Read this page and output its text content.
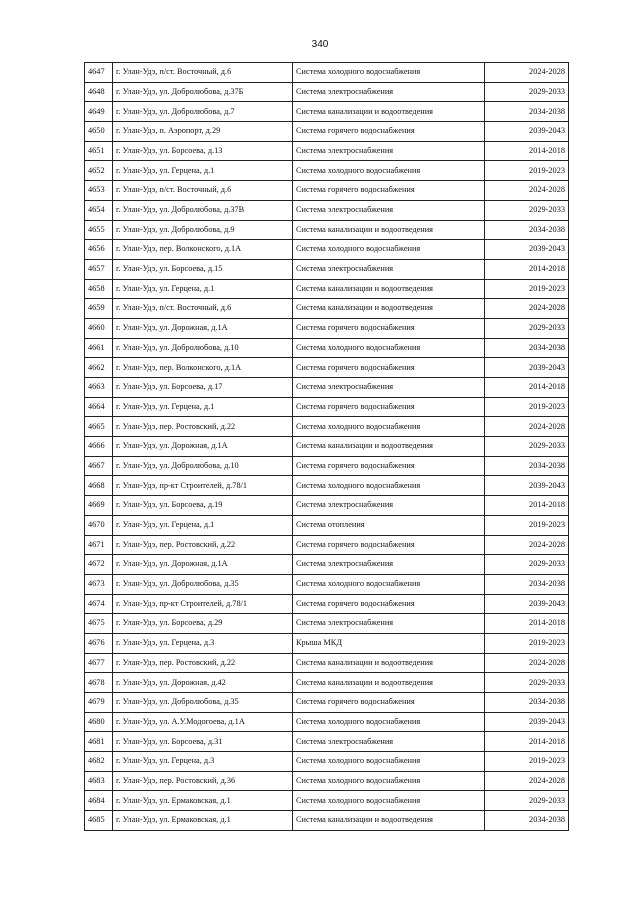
340
4647	г. Улан-Удэ, п/ст. Восточный, д.6	Система холодного водоснабжения	2024-2028
4648	г. Улан-Удэ, ул. Добролюбова, д.37Б	Система электроснабжения	2029-2033
4649	г. Улан-Удэ, ул. Добролюбова, д.7	Система канализации и водоотведения	2034-2038
4650	г. Улан-Удэ, п. Аэропорт, д.29	Система горячего водоснабжения	2039-2043
4651	г. Улан-Удэ, ул. Борсоева, д.13	Система электроснабжения	2014-2018
4652	г. Улан-Удэ, ул. Герцена, д.1	Система холодного водоснабжения	2019-2023
4653	г. Улан-Удэ, п/ст. Восточный, д.6	Система горячего водоснабжения	2024-2028
4654	г. Улан-Удэ, ул. Добролюбова, д.37В	Система электроснабжения	2029-2033
4655	г. Улан-Удэ, ул. Добролюбова, д.9	Система канализации и водоотведения	2034-2038
4656	г. Улан-Удэ, пер. Волконского, д.1А	Система холодного водоснабжения	2039-2043
4657	г. Улан-Удэ, ул. Борсоева, д.15	Система электроснабжения	2014-2018
4658	г. Улан-Удэ, ул. Герцена, д.1	Система канализации и водоотведения	2019-2023
4659	г. Улан-Удэ, п/ст. Восточный, д.6	Система канализации и водоотведения	2024-2028
4660	г. Улан-Удэ, ул. Дорожная, д.1А	Система горячего водоснабжения	2029-2033
4661	г. Улан-Удэ, ул. Добролюбова, д.10	Система холодного водоснабжения	2034-2038
4662	г. Улан-Удэ, пер. Волконского, д.1А	Система горячего водоснабжения	2039-2043
4663	г. Улан-Удэ, ул. Борсоева, д.17	Система электроснабжения	2014-2018
4664	г. Улан-Удэ, ул. Герцена, д.1	Система горячего водоснабжения	2019-2023
4665	г. Улан-Удэ, пер. Ростовский, д.22	Система холодного водоснабжения	2024-2028
4666	г. Улан-Удэ, ул. Дорожная, д.1А	Система канализации и водоотведения	2029-2033
4667	г. Улан-Удэ, ул. Добролюбова, д.10	Система горячего водоснабжения	2034-2038
4668	г. Улан-Удэ, пр-кт Строителей, д.78/1	Система холодного водоснабжения	2039-2043
4669	г. Улан-Удэ, ул. Борсоева, д.19	Система электроснабжения	2014-2018
4670	г. Улан-Удэ, ул. Герцена, д.1	Система отопления	2019-2023
4671	г. Улан-Удэ, пер. Ростовский, д.22	Система горячего водоснабжения	2024-2028
4672	г. Улан-Удэ, ул. Дорожная, д.1А	Система электроснабжения	2029-2033
4673	г. Улан-Удэ, ул. Добролюбова, д.35	Система холодного водоснабжения	2034-2038
4674	г. Улан-Удэ, пр-кт Строителей, д.78/1	Система горячего водоснабжения	2039-2043
4675	г. Улан-Удэ, ул. Борсоева, д.29	Система электроснабжения	2014-2018
4676	г. Улан-Удэ, ул. Герцена, д.3	Крыша МКД	2019-2023
4677	г. Улан-Удэ, пер. Ростовский, д.22	Система канализации и водоотведения	2024-2028
4678	г. Улан-Удэ, ул. Дорожная, д.42	Система канализации и водоотведения	2029-2033
4679	г. Улан-Удэ, ул. Добролюбова, д.35	Система горячего водоснабжения	2034-2038
4680	г. Улан-Удэ, ул. А.У.Модогоева, д.1А	Система холодного водоснабжения	2039-2043
4681	г. Улан-Удэ, ул. Борсоева, д.31	Система электроснабжения	2014-2018
4682	г. Улан-Удэ, ул. Герцена, д.3	Система холодного водоснабжения	2019-2023
4683	г. Улан-Удэ, пер. Ростовский, д.36	Система холодного водоснабжения	2024-2028
4684	г. Улан-Удэ, ул. Ермаковская, д.1	Система холодного водоснабжения	2029-2033
4685	г. Улан-Удэ, ул. Ермаковская, д.1	Система канализации и водоотведения	2034-2038
